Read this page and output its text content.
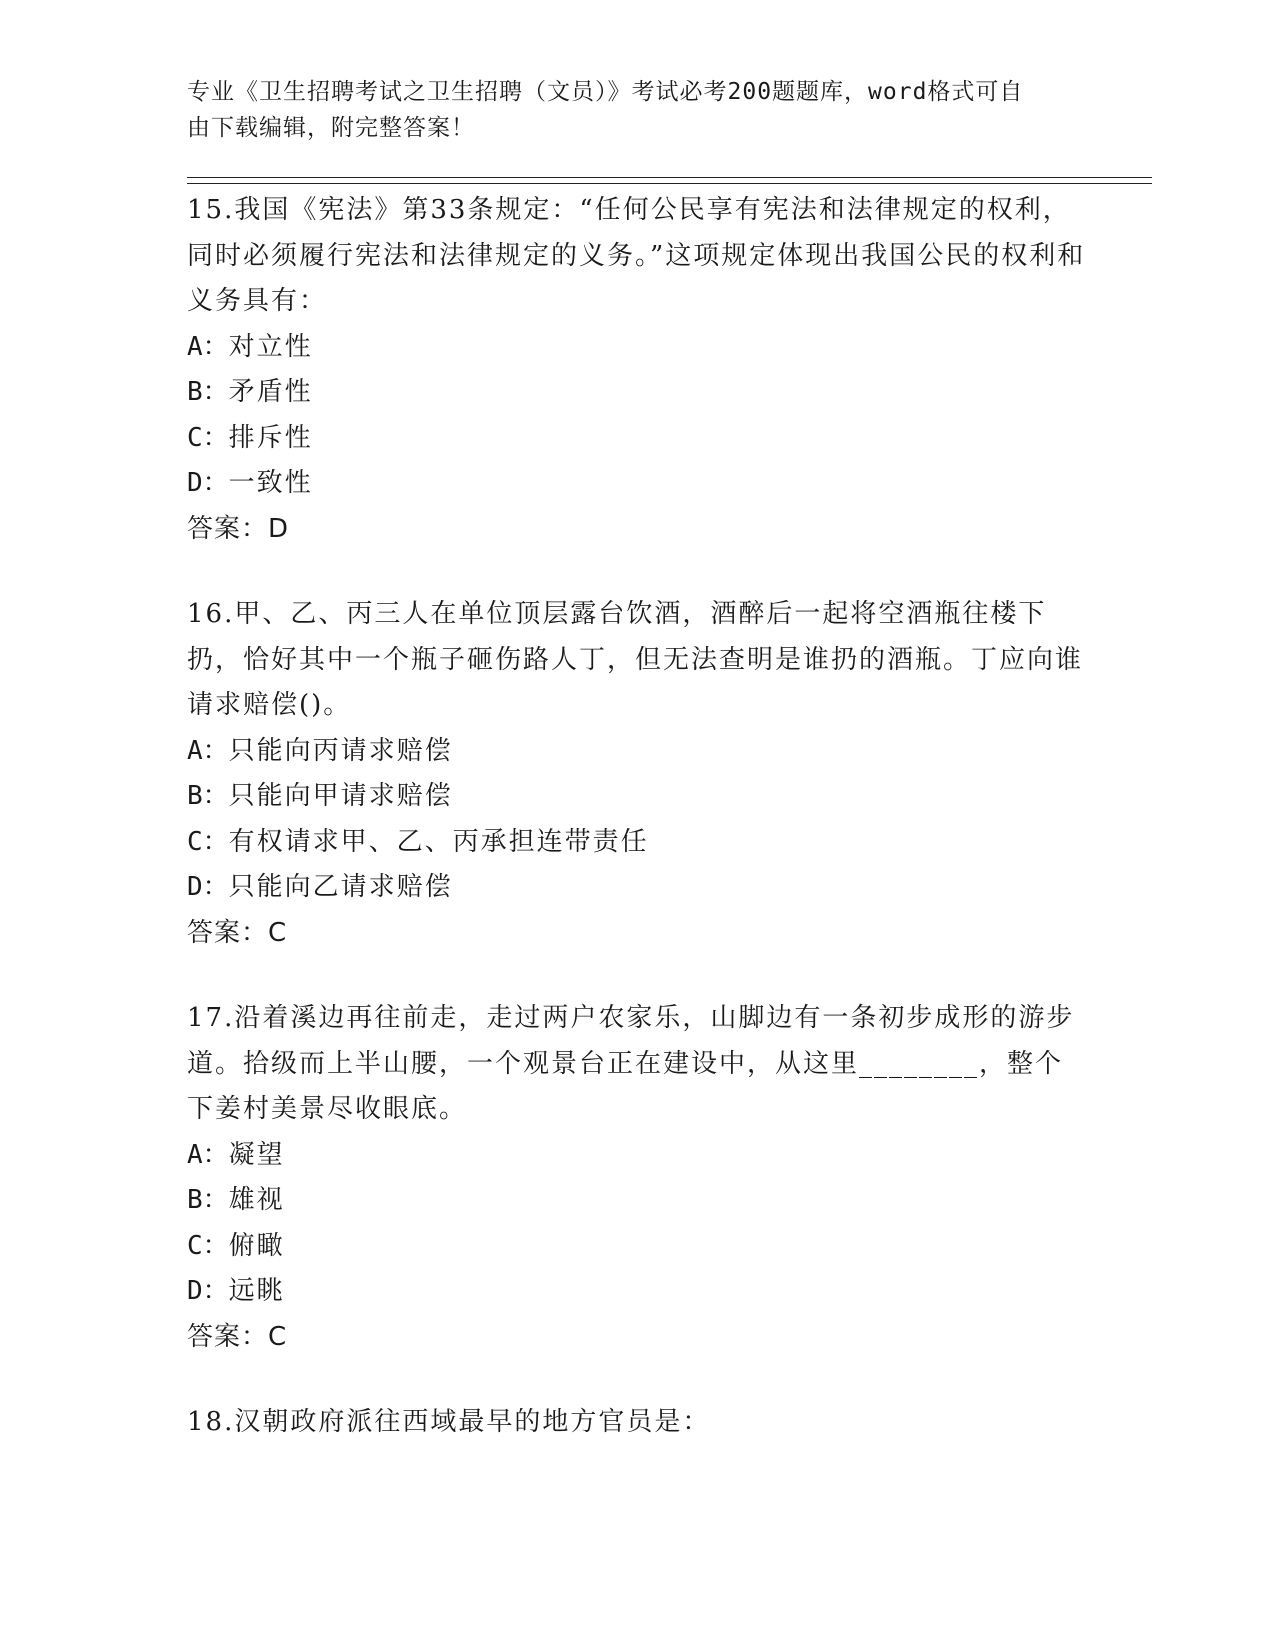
专业《卫生招聘考试之卫生招聘（文员）》考试必考200题题库，word格式可自
由下载编辑，附完整答案！

15.我国《宪法》第33条规定：“任何公民享有宪法和法律规定的权利，同时必须履行宪法和法律规定的义务。”这项规定体现出我国公民的权利和义务具有：

A：对立性
B：矛盾性
C：排斥性
D：一致性
答案：D

16.甲、乙、丙三人在单位顶层露台饮酒，酒醉后一起将空酒瓶往楼下扔，恰好其中一个瓶子砸伤路人丁，但无法查明是谁扔的酒瓶。丁应向谁请求赔偿()。

A：只能向丙请求赔偿
B：只能向甲请求赔偿
C：有权请求甲、乙、丙承担连带责任
D：只能向乙请求赔偿
答案：C

17.沿着溪边再往前走，走过两户农家乐，山脚边有一条初步成形的游步道。拾级而上半山腰，一个观景台正在建设中，从这里________，整个下姜村美景尽收眼底。

A：凝望
B：雄视
C：俯瞰
D：远眺
答案：C

18.汉朝政府派往西域最早的地方官员是：
